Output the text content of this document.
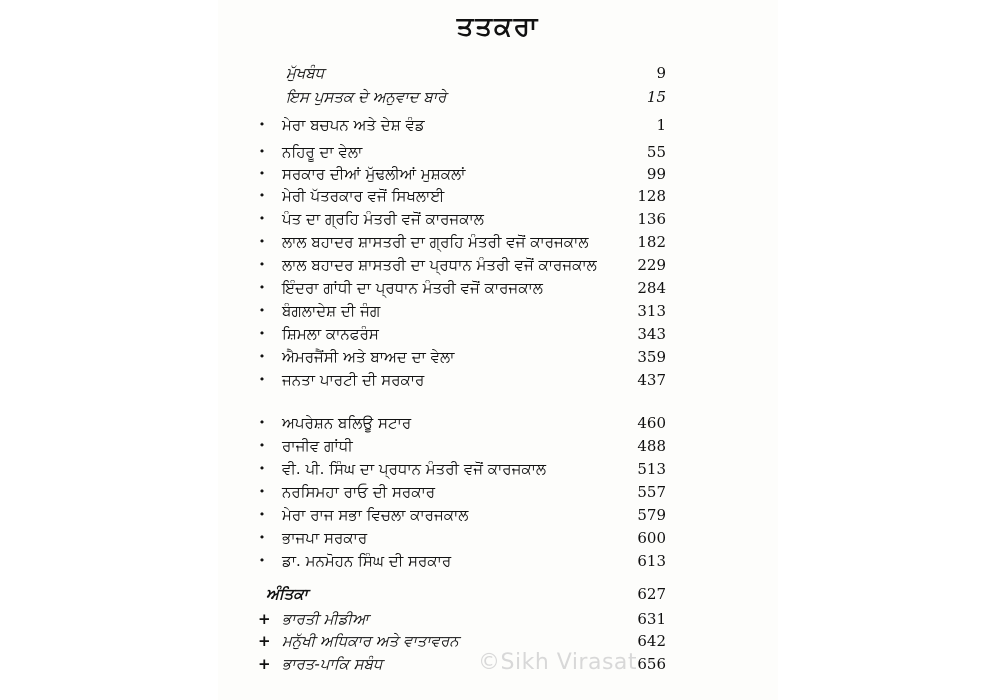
ਤਤਕਰਾ
ਮੁੱਖਬੰਧ	9
ਇਸ ਪੁਸਤਕ ਦੇ ਅਨੁਵਾਦ ਬਾਰੇ	15
• ਮੇਰਾ ਬਚਪਨ ਅਤੇ ਦੇਸ਼ ਵੰਡ	1
• ਨਹਿਰੂ ਦਾ ਵੇਲਾ	55
• ਸਰਕਾਰ ਦੀਆਂ ਮੁੱਢਲੀਆਂ ਮੁਸ਼ਕਲਾਂ	99
• ਮੇਰੀ ਪੱਤਰਕਾਰ ਵਜੋਂ ਸਿਖਲਾਈ	128
• ਪੰਤ ਦਾ ਗ੍ਰਹਿ ਮੰਤਰੀ ਵਜੋਂ ਕਾਰਜਕਾਲ	136
• ਲਾਲ ਬਹਾਦਰ ਸ਼ਾਸਤਰੀ ਦਾ ਗ੍ਰਹਿ ਮੰਤਰੀ ਵਜੋਂ ਕਾਰਜਕਾਲ	182
• ਲਾਲ ਬਹਾਦਰ ਸ਼ਾਸਤਰੀ ਦਾ ਪ੍ਰਧਾਨ ਮੰਤਰੀ ਵਜੋਂ ਕਾਰਜਕਾਲ	229
• ਇੰਦਰਾ ਗਾਂਧੀ ਦਾ ਪ੍ਰਧਾਨ ਮੰਤਰੀ ਵਜੋਂ ਕਾਰਜਕਾਲ	284
• ਬੰਗਲਾਦੇਸ਼ ਦੀ ਜੰਗ	313
• ਸ਼ਿਮਲਾ ਕਾਨਫਰੰਸ	343
• ਐਮਰਜੈਂਸੀ ਅਤੇ ਬਾਅਦ ਦਾ ਵੇਲਾ	359
• ਜਨਤਾ ਪਾਰਟੀ ਦੀ ਸਰਕਾਰ	437
• ਅਪਰੇਸ਼ਨ ਬਲਿਊ ਸਟਾਰ	460
• ਰਾਜੀਵ ਗਾਂਧੀ	488
• ਵੀ. ਪੀ. ਸਿੰਘ ਦਾ ਪ੍ਰਧਾਨ ਮੰਤਰੀ ਵਜੋਂ ਕਾਰਜਕਾਲ	513
• ਨਰਸਿਮਹਾ ਰਾਓ ਦੀ ਸਰਕਾਰ	557
• ਮੇਰਾ ਰਾਜ ਸਭਾ ਵਿਚਲਾ ਕਾਰਜਕਾਲ	579
• ਭਾਜਪਾ ਸਰਕਾਰ	600
• ਡਾ. ਮਨਮੋਹਨ ਸਿੰਘ ਦੀ ਸਰਕਾਰ	613
ਅੰਤਿਕਾ	627
+ ਭਾਰਤੀ ਮੀਡੀਆ	631
+ ਮਨੁੱਖੀ ਅਧਿਕਾਰ ਅਤੇ ਵਾਤਾਵਰਨ	642
+ ਭਾਰਤ-ਪਾਕਿ ਸਬੰਧ	656
©Sikh Virasat
